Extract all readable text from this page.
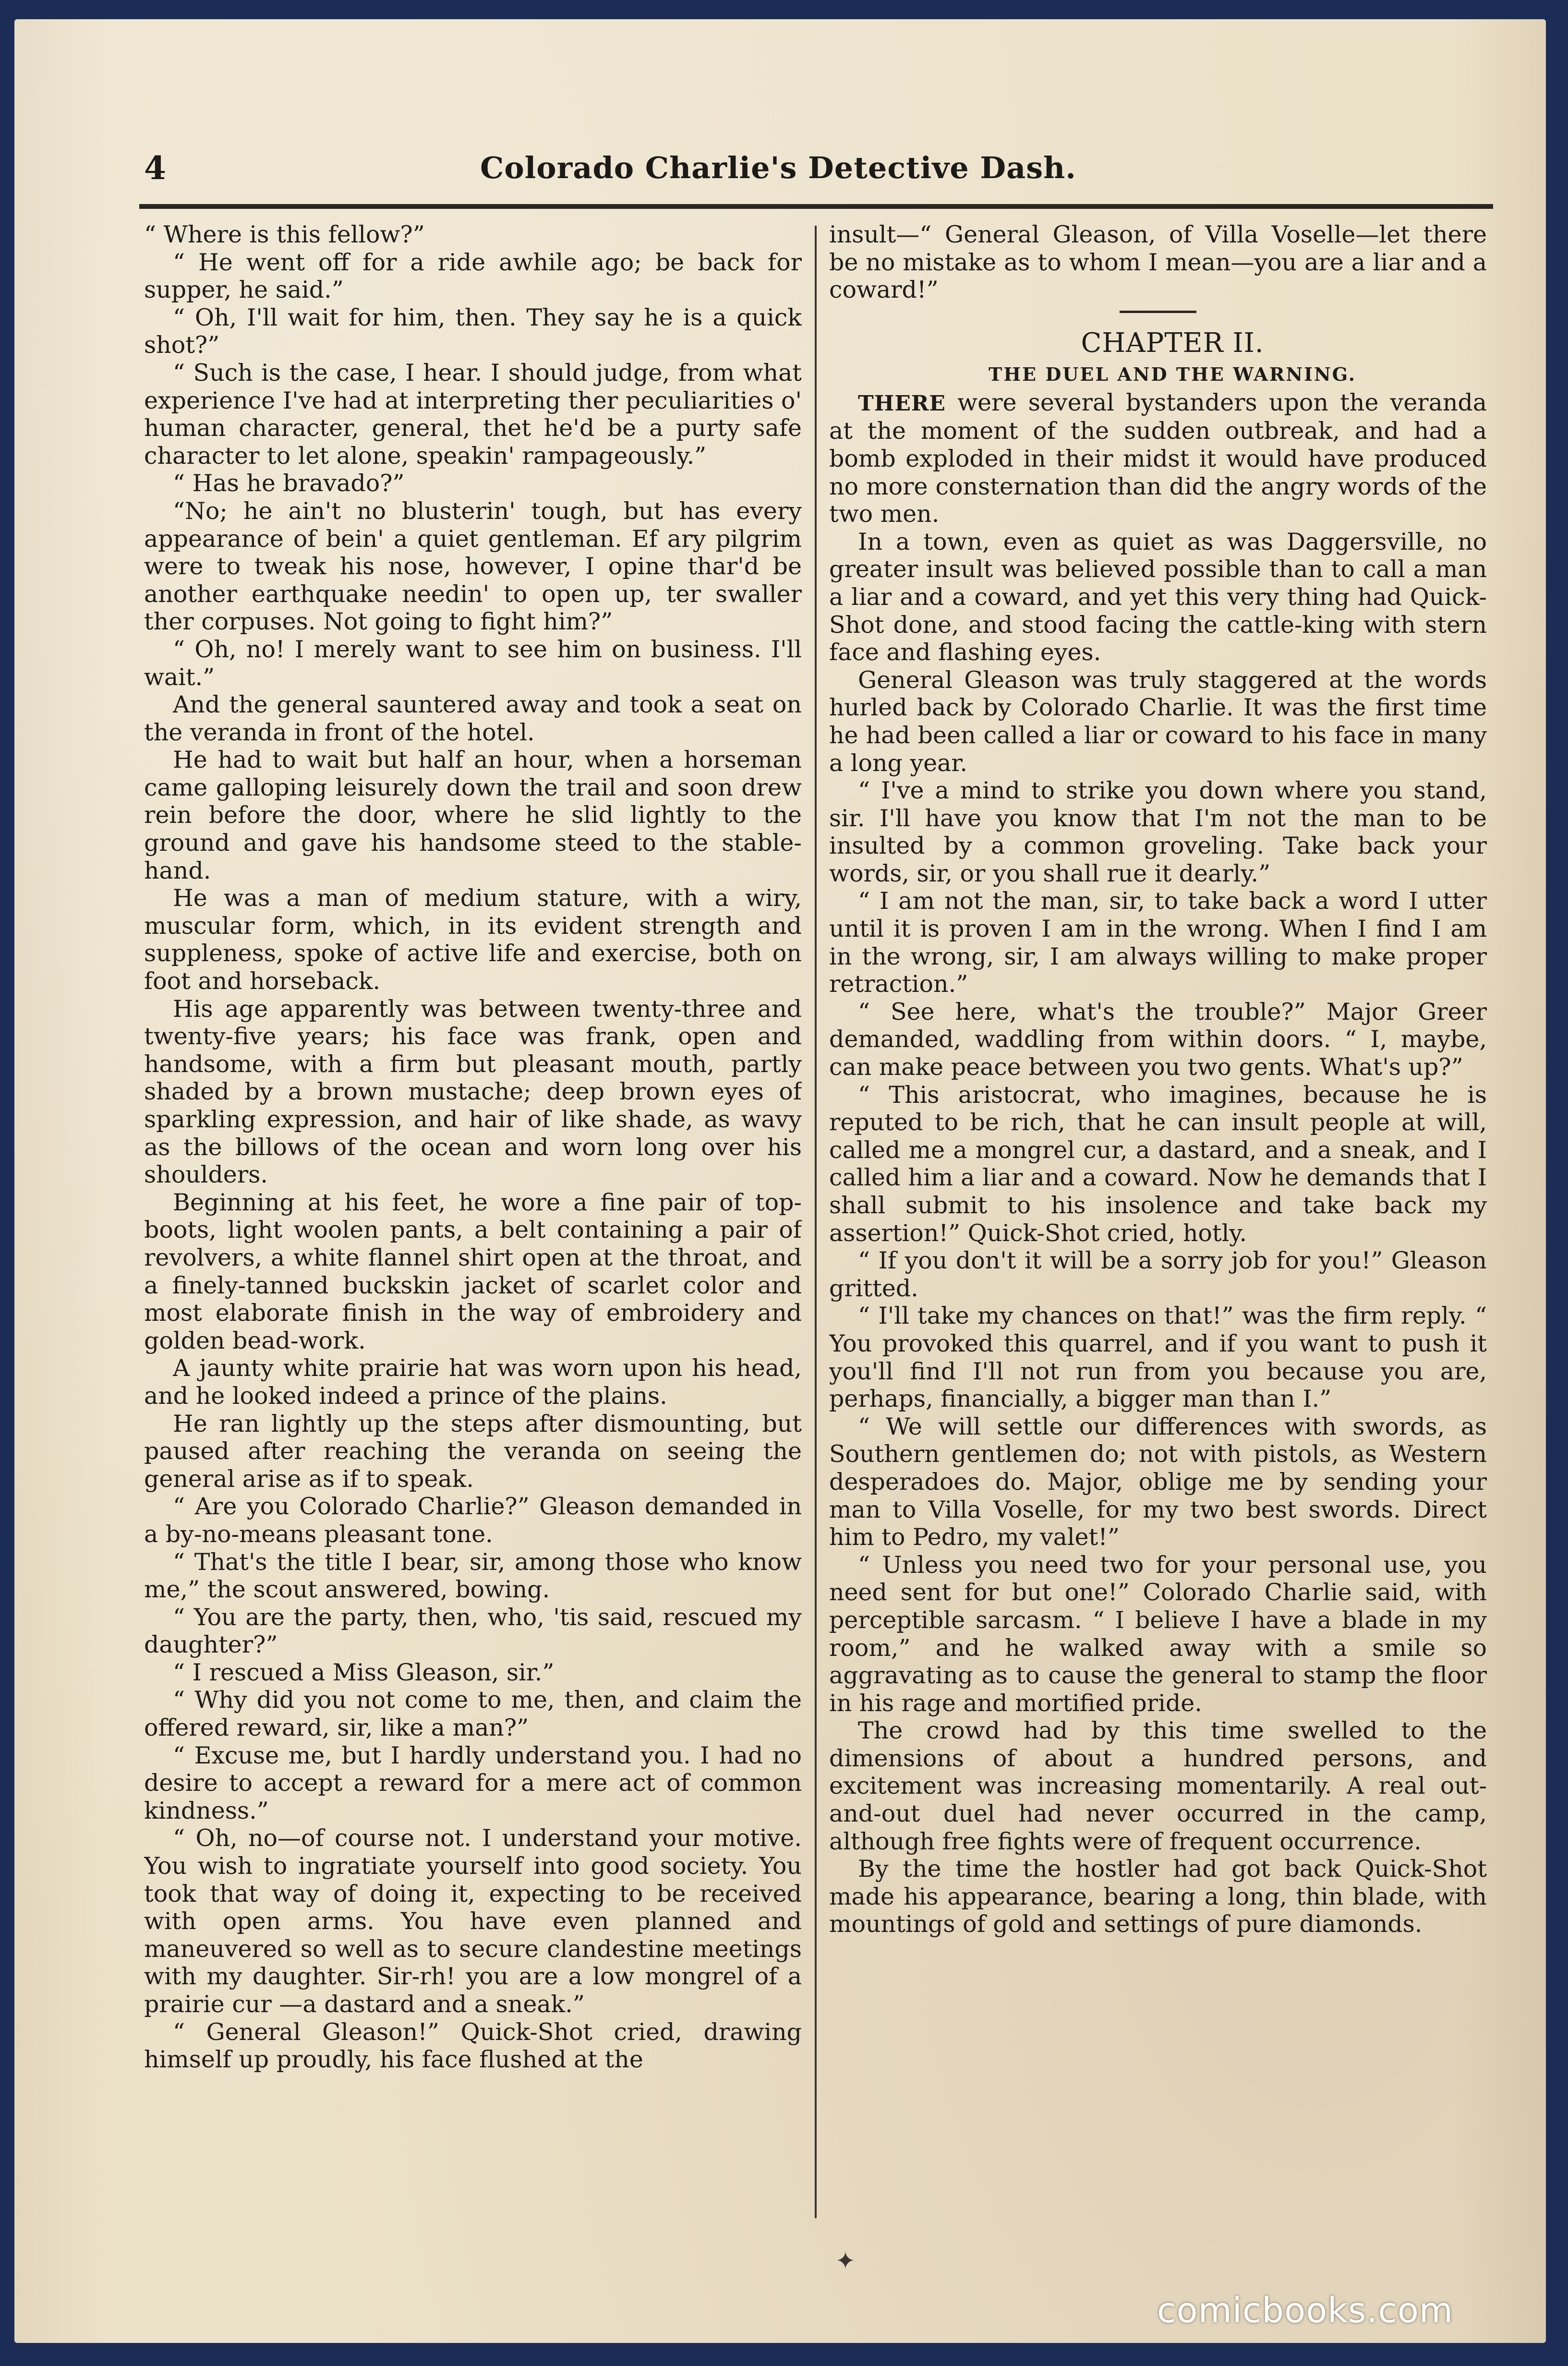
4	Colorado Charlie's Detective Dash.

“ Where is this fellow?”

“ He went off for a ride awhile ago; be back for supper, he said.”

“ Oh, I'll wait for him, then. They say he is a quick shot?”

“ Such is the case, I hear. I should judge, from what experience I've had at interpreting ther peculiarities o' human character, general, thet he'd be a purty safe character to let alone, speakin' rampageously.”

“ Has he bravado?”

“No; he ain't no blusterin' tough, but has every appearance of bein' a quiet gentleman. Ef ary pilgrim were to tweak his nose, however, I opine thar'd be another earthquake needin' to open up, ter swaller ther corpuses. Not going to fight him?”

“ Oh, no! I merely want to see him on business. I'll wait.”

And the general sauntered away and took a seat on the veranda in front of the hotel.

He had to wait but half an hour, when a horseman came galloping leisurely down the trail and soon drew rein before the door, where he slid lightly to the ground and gave his handsome steed to the stable-hand.

He was a man of medium stature, with a wiry, muscular form, which, in its evident strength and suppleness, spoke of active life and exercise, both on foot and horseback.

His age apparently was between twenty-three and twenty-five years; his face was frank, open and handsome, with a firm but pleasant mouth, partly shaded by a brown mustache; deep brown eyes of sparkling expression, and hair of like shade, as wavy as the billows of the ocean and worn long over his shoulders.

Beginning at his feet, he wore a fine pair of top-boots, light woolen pants, a belt containing a pair of revolvers, a white flannel shirt open at the throat, and a finely-tanned buckskin jacket of scarlet color and most elaborate finish in the way of embroidery and golden bead-work.

A jaunty white prairie hat was worn upon his head, and he looked indeed a prince of the plains.

He ran lightly up the steps after dismounting, but paused after reaching the veranda on seeing the general arise as if to speak.

“ Are you Colorado Charlie?” Gleason demanded in a by-no-means pleasant tone.

“ That's the title I bear, sir, among those who know me,” the scout answered, bowing.

“ You are the party, then, who, 'tis said, rescued my daughter?”

“ I rescued a Miss Gleason, sir.”

“ Why did you not come to me, then, and claim the offered reward, sir, like a man?”

“ Excuse me, but I hardly understand you. I had no desire to accept a reward for a mere act of common kindness.”

“ Oh, no—of course not. I understand your motive. You wish to ingratiate yourself into good society. You took that way of doing it, expecting to be received with open arms. You have even planned and maneuvered so well as to secure clandestine meetings with my daughter. Sir-rh! you are a low mongrel of a prairie cur —a dastard and a sneak.”

“ General Gleason!” Quick-Shot cried, drawing himself up proudly, his face flushed at the

insult—“ General Gleason, of Villa Voselle—let there be no mistake as to whom I mean—you are a liar and a coward!”

CHAPTER II.

THE DUEL AND THE WARNING.

THERE were several bystanders upon the veranda at the moment of the sudden outbreak, and had a bomb exploded in their midst it would have produced no more consternation than did the angry words of the two men.

In a town, even as quiet as was Daggersville, no greater insult was believed possible than to call a man a liar and a coward, and yet this very thing had Quick-Shot done, and stood facing the cattle-king with stern face and flashing eyes.

General Gleason was truly staggered at the words hurled back by Colorado Charlie. It was the first time he had been called a liar or coward to his face in many a long year.

“ I've a mind to strike you down where you stand, sir. I'll have you know that I'm not the man to be insulted by a common groveling. Take back your words, sir, or you shall rue it dearly.”

“ I am not the man, sir, to take back a word I utter until it is proven I am in the wrong. When I find I am in the wrong, sir, I am always willing to make proper retraction.”

“ See here, what's the trouble?” Major Greer demanded, waddling from within doors. “ I, maybe, can make peace between you two gents. What's up?”

“ This aristocrat, who imagines, because he is reputed to be rich, that he can insult people at will, called me a mongrel cur, a dastard, and a sneak, and I called him a liar and a coward. Now he demands that I shall submit to his insolence and take back my assertion!” Quick-Shot cried, hotly.

“ If you don't it will be a sorry job for you!” Gleason gritted.

“ I'll take my chances on that!” was the firm reply. “ You provoked this quarrel, and if you want to push it you'll find I'll not run from you because you are, perhaps, financially, a bigger man than I.”

“ We will settle our differences with swords, as Southern gentlemen do; not with pistols, as Western desperadoes do. Major, oblige me by sending your man to Villa Voselle, for my two best swords. Direct him to Pedro, my valet!”

“ Unless you need two for your personal use, you need sent for but one!” Colorado Charlie said, with perceptible sarcasm. “ I believe I have a blade in my room,” and he walked away with a smile so aggravating as to cause the general to stamp the floor in his rage and mortified pride.

The crowd had by this time swelled to the dimensions of about a hundred persons, and excitement was increasing momentarily. A real out-and-out duel had never occurred in the camp, although free fights were of frequent occurrence.

By the time the hostler had got back Quick-Shot made his appearance, bearing a long, thin blade, with mountings of gold and settings of pure diamonds.

✦
comicbooks.com
